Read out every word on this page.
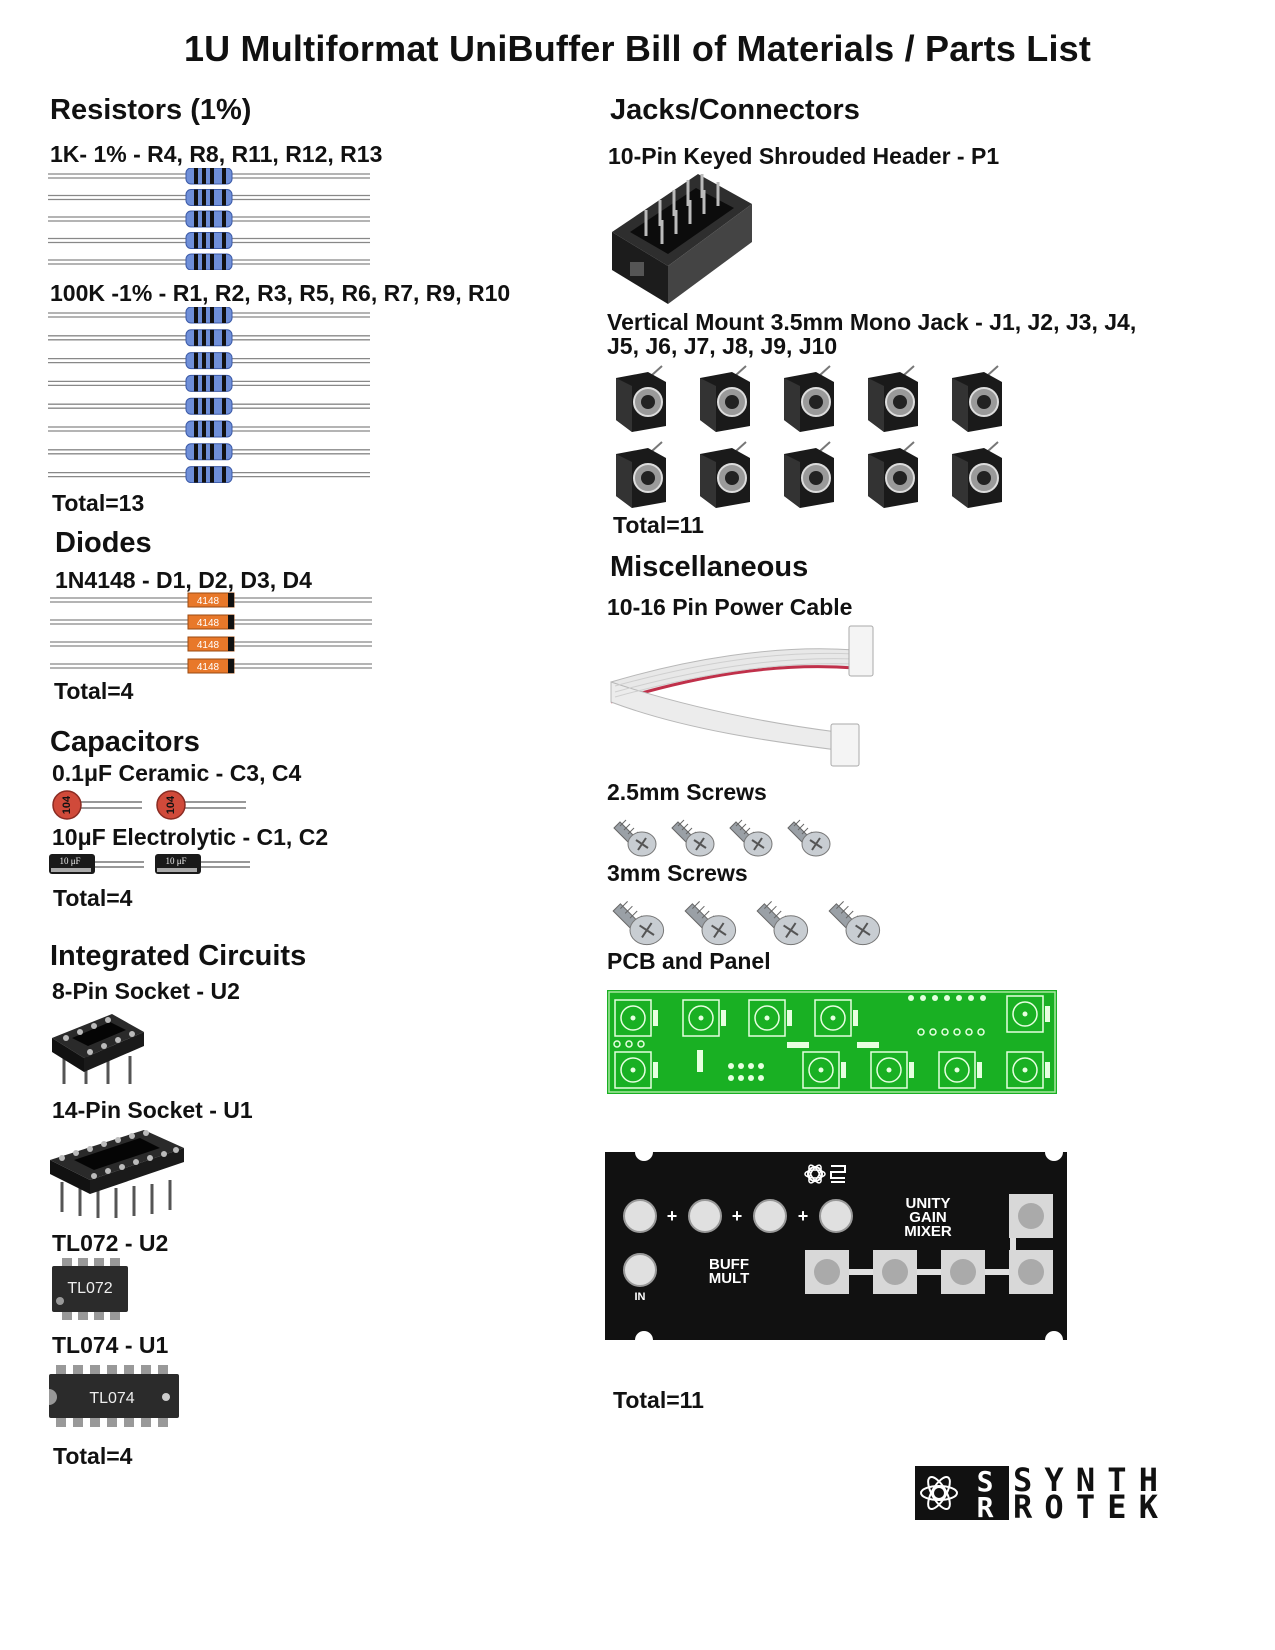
1U Multiformat UniBuffer Bill of Materials / Parts List
Resistors (1%)
1K- 1% - R4, R8, R11, R12, R13
100K -1% - R1, R2, R3, R5, R6, R7, R9, R10
Total=13
Diodes
1N4148 - D1, D2, D3, D4
4148
4148
4148
4148
Total=4
Capacitors
0.1μF Ceramic - C3, C4
104	104
10μF Electrolytic - C1, C2
10 μF	10 μF
Total=4
Integrated Circuits
8-Pin Socket - U2
14-Pin Socket - U1
TL072 - U2
TL072
TL074 - U1
TL074
Total=4
Jacks/Connectors
10-Pin Keyed Shrouded Header - P1
Vertical Mount 3.5mm Mono Jack - J1, J2, J3, J4,
J5, J6, J7, J8, J9, J10
Total=11
Miscellaneous
10-16 Pin Power Cable
2.5mm Screws
3mm Screws
PCB and Panel
+	+	+
UNITY
GAIN
MIXER
BUFF
MULT
IN
Total=11
S
R
SYNTH
ROTEK
